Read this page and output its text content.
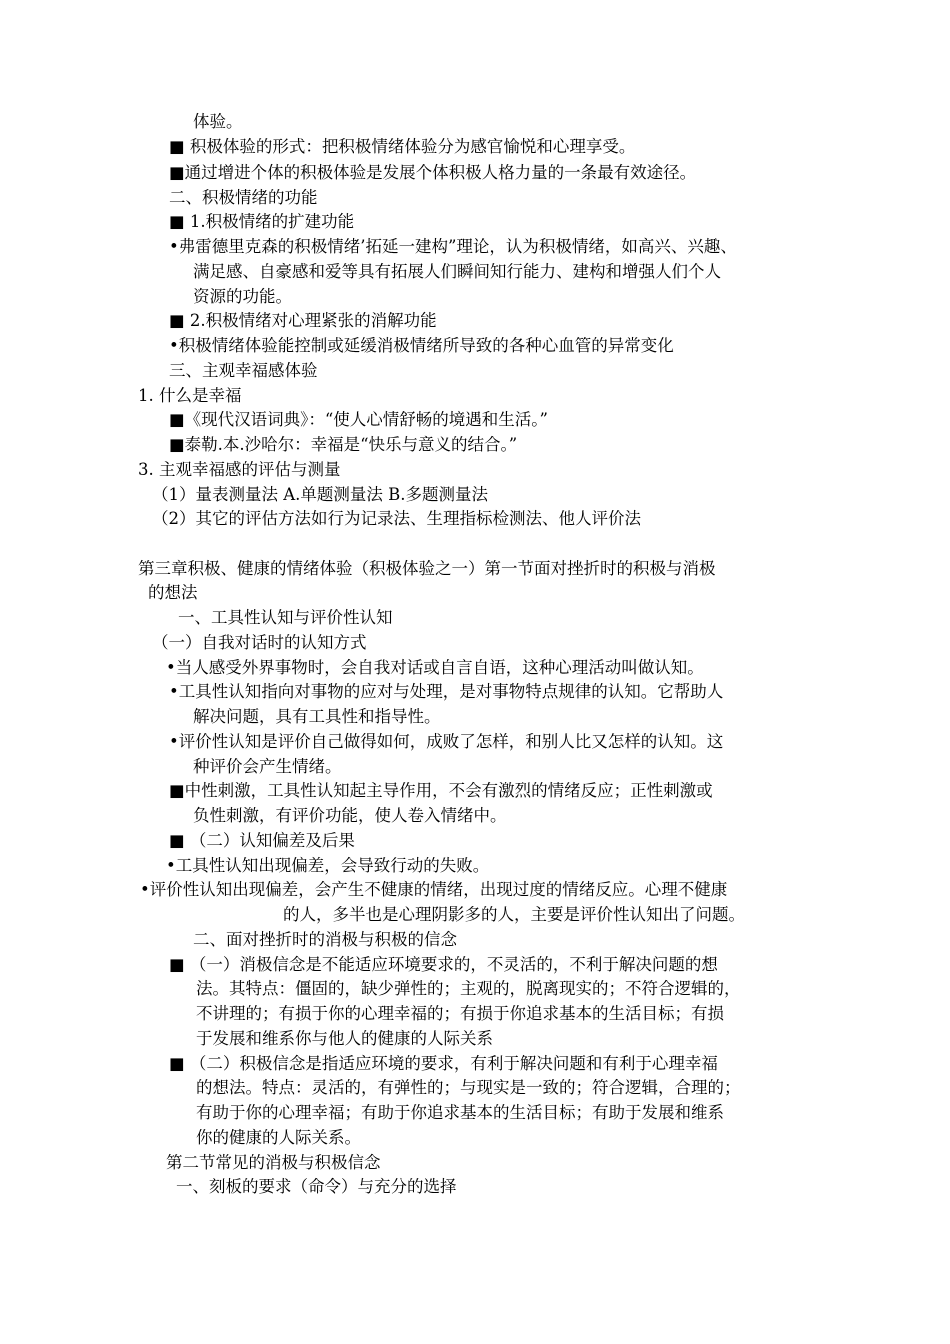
体验。
■ 积极体验的形式：把积极情绪体验分为感官愉悦和心理享受。
■通过增进个体的积极体验是发展个体积极人格力量的一条最有效途径。
二、积极情绪的功能
■ 1.积极情绪的扩建功能
•弗雷德里克森的积极情绪’拓延一建构”理论，认为积极情绪，如高兴、兴趣、
满足感、自豪感和爱等具有拓展人们瞬间知行能力、建构和增强人们个人
资源的功能。
■ 2.积极情绪对心理紧张的消解功能
•积极情绪体验能控制或延缓消极情绪所导致的各种心血管的异常变化
三、主观幸福感体验
1. 什么是幸福
■《现代汉语词典》：“使人心情舒畅的境遇和生活。”
■泰勒.本.沙哈尔：幸福是“快乐与意义的结合。”
3. 主观幸福感的评估与测量
（1）量表测量法 A.单题测量法 B.多题测量法
（2）其它的评估方法如行为记录法、生理指标检测法、他人评价法
第三章积极、健康的情绪体验（积极体验之一）第一节面对挫折时的积极与消极
的想法
一、工具性认知与评价性认知
（一）自我对话时的认知方式
•当人感受外界事物时，会自我对话或自言自语，这种心理活动叫做认知。
•工具性认知指向对事物的应对与处理，是对事物特点规律的认知。它帮助人
解决问题，具有工具性和指导性。
•评价性认知是评价自己做得如何，成败了怎样，和别人比又怎样的认知。这
种评价会产生情绪。
■中性刺激，工具性认知起主导作用，不会有激烈的情绪反应；正性刺激或
负性刺激，有评价功能，使人卷入情绪中。
■ （二）认知偏差及后果
•工具性认知出现偏差，会导致行动的失败。
•评价性认知出现偏差，会产生不健康的情绪，出现过度的情绪反应。心理不健康
的人，多半也是心理阴影多的人，主要是评价性认知出了问题。
二、面对挫折时的消极与积极的信念
■ （一）消极信念是不能适应环境要求的，不灵活的，不利于解决问题的想
法。其特点：僵固的，缺少弹性的；主观的，脱离现实的；不符合逻辑的，
不讲理的；有损于你的心理幸福的；有损于你追求基本的生活目标；有损
于发展和维系你与他人的健康的人际关系
■ （二）积极信念是指适应环境的要求，有利于解决问题和有利于心理幸福
的想法。特点：灵活的，有弹性的；与现实是一致的；符合逻辑，合理的；
有助于你的心理幸福；有助于你追求基本的生活目标；有助于发展和维系
你的健康的人际关系。
第二节常见的消极与积极信念
一、刻板的要求（命令）与充分的选择
